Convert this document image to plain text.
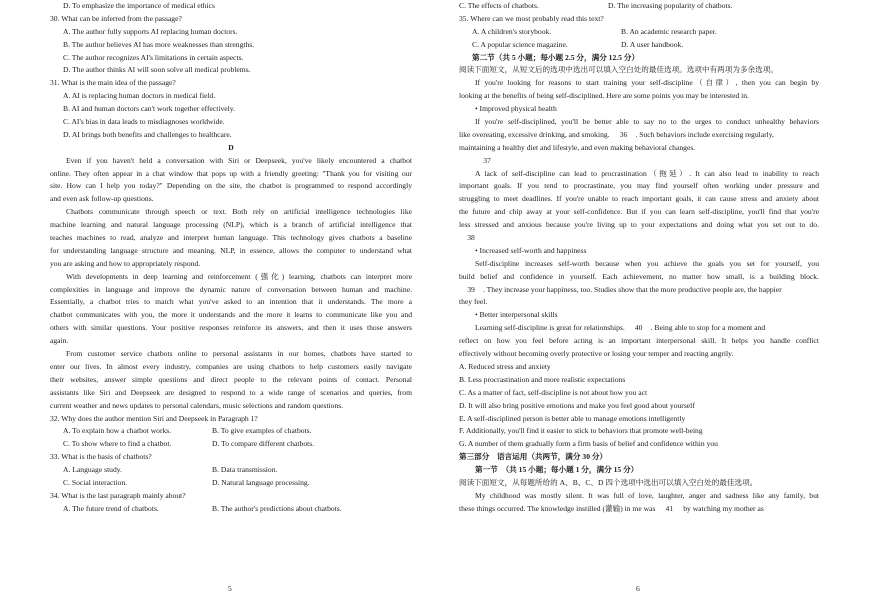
D. To emphasize the importance of medical ethics
30. What can be inferred from the passage?
A. The author fully supports AI replacing human doctors.
B. The author believes AI has more weaknesses than strengths.
C. The author recognizes AI's limitations in certain aspects.
D. The author thinks AI will soon solve all medical problems.
31. What is the main idea of the passage?
A. AI is replacing human doctors in medical field.
B. AI and human doctors can't work together effectively.
C. AI's bias in data leads to misdiagnoses worldwide.
D. AI brings both benefits and challenges to healthcare.
D
Even if you haven't held a conversation with Siri or Deepseek, you've likely encountered a chatbot
online. They often appear in a chat window that pops up with a friendly greeting: "Thank you for visiting our
site. How can I help you today?" Depending on the site, the chatbot is programmed to respond accordingly
and even ask follow-up questions.
Chatbots communicate through speech or text. Both rely on artificial intelligence technologies like
machine learning and natural language processing (NLP), which is a branch of artificial intelligence that
teaches machines to read, analyze and interpret human language. This technology gives chatbots a baseline
for understanding language structure and meaning. NLP, in essence, allows the computer to understand what
you are asking and how to appropriately respond.
With developments in deep learning and reinforcement (强化) learning, chatbots can interpret more
complexities in language and improve the dynamic nature of conversation between human and machine.
Essentially, a chatbot tries to match what you've asked to an intention that it understands. The more a
chatbot communicates with you, the more it understands and the more it learns to communicate like you and
others with similar questions. Your positive responses reinforce its answers, and then it uses those answers
again.
From customer service chatbots online to personal assistants in our homes, chatbots have started to
enter our lives. In almost every industry, companies are using chatbots to help customers easily navigate
their websites, answer simple questions and direct people to the relevant points of contact. Personal
assistants like Siri and Deepseek are designed to respond to a wide range of scenarios and queries, from
current weather and news updates to personal calendars, music selections and random questions.
32. Why does the author mention Siri and Deepseek in Paragraph 1?
A. To explain how a chatbot works.	B. To give examples of chatbots.
C. To show where to find a chatbot.	D. To compare different chatbots.
33. What is the basis of chatbots?
A. Language study.	B. Data transmission.
C. Social interaction.	D. Natural language processing.
34. What is the last paragraph mainly about?
A. The future trend of chatbots.	B. The author's predictions about chatbots.
5
C. The effects of chatbots.	D. The increasing popularity of chatbots.
35. Where can we most probably read this text?
A. A children's storybook.	B. An academic research paper.
C. A popular science magazine.	D. A user handbook.
第二节（共 5 小题；每小题 2.5 分，满分 12.5 分）
阅读下面短文，从短文后的选项中选出可以填入空白处的最佳选项。选项中有两项为多余选项。
If you're looking for reasons to start training your self-discipline（自律）, then you can begin by
looking at the benefits of being self-disciplined. Here are some points you may be interested in.
• Improved physical health
If you're self-disciplined, you'll be better able to say no to the urges to conduct unhealthy behaviors
like overeating, excessive drinking, and smoking. 36 . Such behaviors include exercising regularly,
maintaining a healthy diet and lifestyle, and even making behavioral changes.
37
A lack of self-discipline can lead to procrastination（拖延）. It can also lead to inability to reach
important goals. If you tend to procrastinate, you may find yourself often working under pressure and
struggling to meet deadlines. If you're unable to reach important goals, it can cause stress and anxiety about
the future and chip away at your self-confidence. But if you can learn self-discipline, you'll find that you're
less stressed and anxious because you're living up to your expectations and doing what you set out to do.
38
• Increased self-worth and happiness
Self-discipline increases self-worth because when you achieve the goals you set for yourself, you
build belief and confidence in yourself. Each achievement, no matter how small, is a building block.
39 . They increase your happiness, too. Studies show that the more productive people are, the happier
they feel.
• Better interpersonal skills
Learning self-discipline is great for relationships. 40 . Being able to stop for a moment and
reflect on how you feel before acting is an important interpersonal skill. It helps you handle conflict
effectively without becoming overly protective or losing your temper and reacting angrily.
A. Reduced stress and anxiety
B. Less procrastination and more realistic expectations
C. As a matter of fact, self-discipline is not about how you act
D. It will also bring positive emotions and make you feel good about yourself
E. A self-disciplined person is better able to manage emotions intelligently
F. Additionally, you'll find it easier to stick to behaviors that promote well-being
G. A number of them gradually form a firm basis of belief and confidence within you
第三部分　语言运用（共两节，满分 30 分）
第一节　（共 15 小题；每小题 1 分，满分 15 分）
阅读下面短文，从每题所给的 A、B、C、D 四个选项中选出可以填入空白处的最佳选项。
My childhood was mostly silent. It was full of love, laughter, anger and sadness like any family, but
these things occurred. The knowledge instilled (灌输) in me was 41 by watching my mother as
6
